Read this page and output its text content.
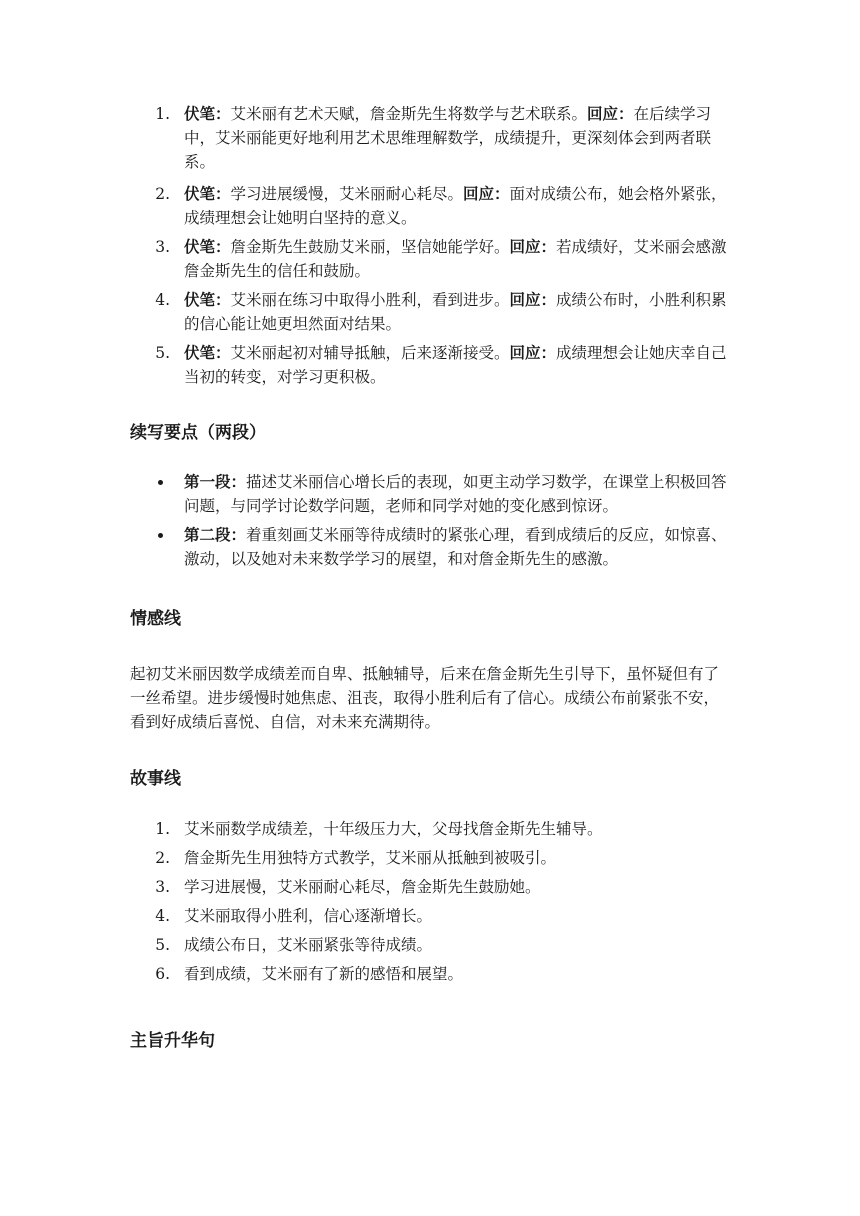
1. 伏笔：艾米丽有艺术天赋，詹金斯先生将数学与艺术联系。回应：在后续学习中，艾米丽能更好地利用艺术思维理解数学，成绩提升，更深刻体会到两者联系。
2. 伏笔：学习进展缓慢，艾米丽耐心耗尽。回应：面对成绩公布，她会格外紧张，成绩理想会让她明白坚持的意义。
3. 伏笔：詹金斯先生鼓励艾米丽，坚信她能学好。回应：若成绩好，艾米丽会感激詹金斯先生的信任和鼓励。
4. 伏笔：艾米丽在练习中取得小胜利，看到进步。回应：成绩公布时，小胜利积累的信心能让她更坦然面对结果。
5. 伏笔：艾米丽起初对辅导抵触，后来逐渐接受。回应：成绩理想会让她庆幸自己当初的转变，对学习更积极。
续写要点（两段）
第一段：描述艾米丽信心增长后的表现，如更主动学习数学，在课堂上积极回答问题，与同学讨论数学问题，老师和同学对她的变化感到惊讶。
第二段：着重刻画艾米丽等待成绩时的紧张心理，看到成绩后的反应，如惊喜、激动，以及她对未来数学学习的展望，和对詹金斯先生的感激。
情感线
起初艾米丽因数学成绩差而自卑、抵触辅导，后来在詹金斯先生引导下，虽怀疑但有了一丝希望。进步缓慢时她焦虑、沮丧，取得小胜利后有了信心。成绩公布前紧张不安，看到好成绩后喜悦、自信，对未来充满期待。
故事线
1. 艾米丽数学成绩差，十年级压力大，父母找詹金斯先生辅导。
2. 詹金斯先生用独特方式教学，艾米丽从抵触到被吸引。
3. 学习进展慢，艾米丽耐心耗尽，詹金斯先生鼓励她。
4. 艾米丽取得小胜利，信心逐渐增长。
5. 成绩公布日，艾米丽紧张等待成绩。
6. 看到成绩，艾米丽有了新的感悟和展望。
主旨升华句
